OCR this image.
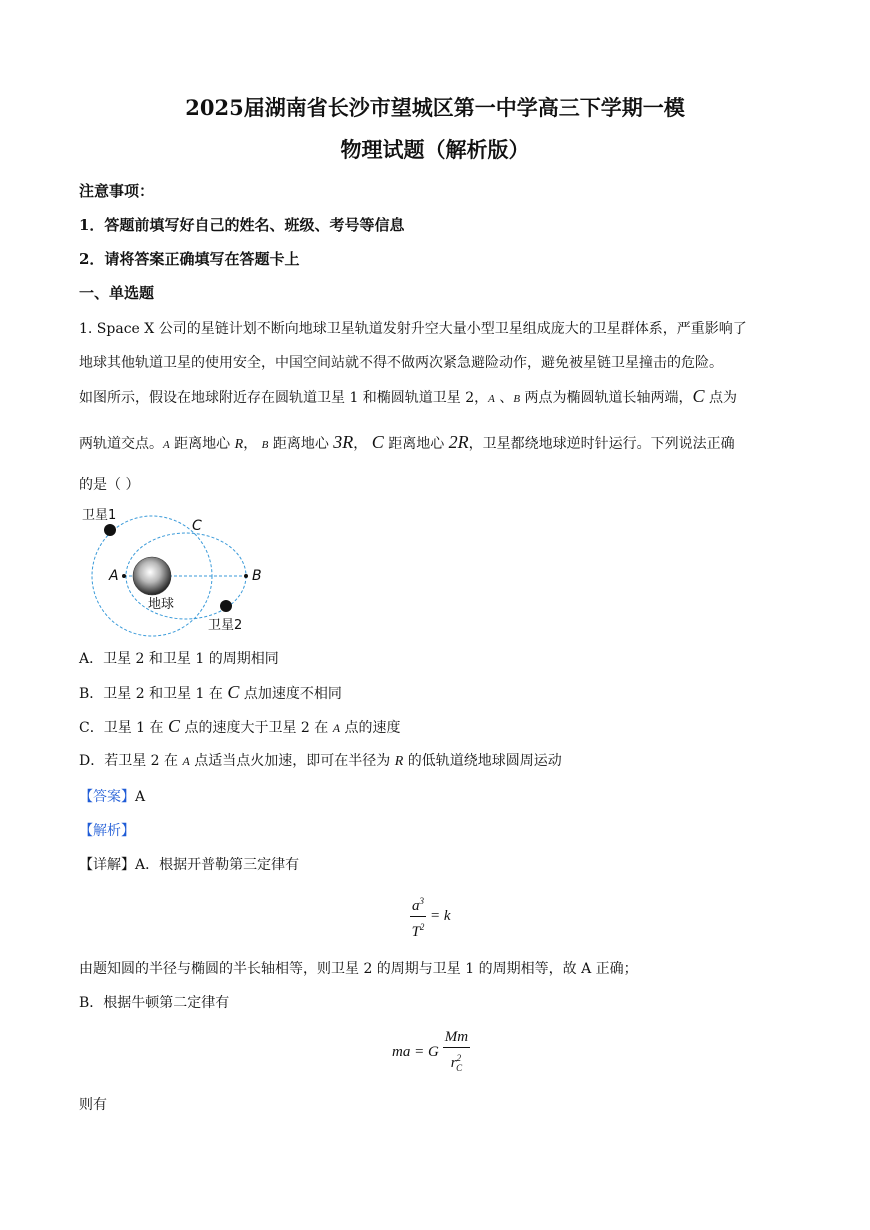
2025届湖南省长沙市望城区第一中学高三下学期一模
物理试题（解析版）
注意事项：
1．答题前填写好自己的姓名、班级、考号等信息
2．请将答案正确填写在答题卡上
一、单选题
1. Space X 公司的星链计划不断向地球卫星轨道发射升空大量小型卫星组成庞大的卫星群体系，严重影响了
地球其他轨道卫星的使用安全，中国空间站就不得不做两次紧急避险动作，避免被星链卫星撞击的危险。
如图所示，假设在地球附近存在圆轨道卫星 1 和椭圆轨道卫星 2，A 、B 两点为椭圆轨道长轴两端，C 点为
两轨道交点。A 距离地心 R， B 距离地心 3R， C 距离地心 2R，卫星都绕地球逆时针运行。下列说法正确
的是（ ）
卫星1
C
A	B
地球
卫星2
A．卫星 2 和卫星 1 的周期相同
B．卫星 2 和卫星 1 在 C 点加速度不相同
C．卫星 1 在 C 点的速度大于卫星 2 在 A 点的速度
D．若卫星 2 在 A 点适当点火加速，即可在半径为 R 的低轨道绕地球圆周运动
【答案】A
【解析】
【详解】A．根据开普勒第三定律有
$\frac{a^3}{T^2} = k$
由题知圆的半径与椭圆的半长轴相等，则卫星 2 的周期与卫星 1 的周期相等，故 A 正确；
B．根据牛顿第二定律有
ma = G $\frac{Mm}{r^2_C}$
则有
